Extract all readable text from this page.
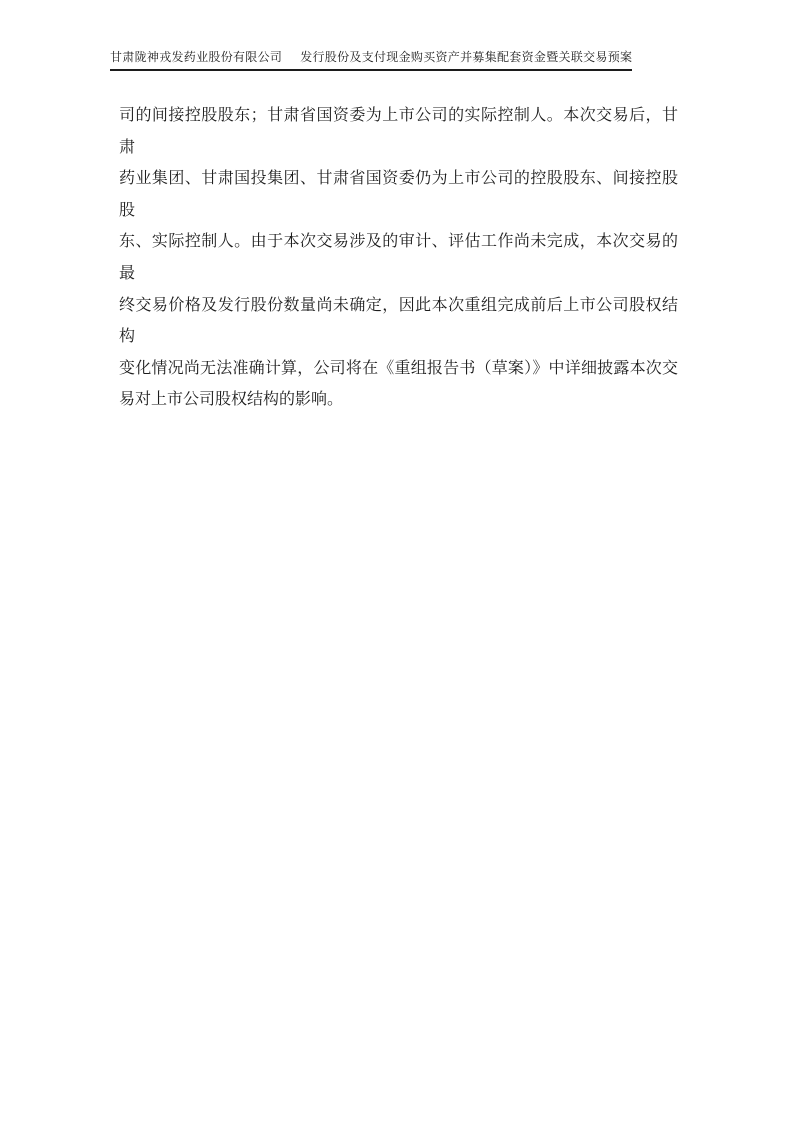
甘肃陇神戎发药业股份有限公司 发行股份及支付现金购买资产并募集配套资金暨关联交易预案
司的间接控股股东；甘肃省国资委为上市公司的实际控制人。本次交易后，甘肃
药业集团、甘肃国投集团、甘肃省国资委仍为上市公司的控股股东、间接控股股
东、实际控制人。由于本次交易涉及的审计、评估工作尚未完成，本次交易的最
终交易价格及发行股份数量尚未确定，因此本次重组完成前后上市公司股权结构
变化情况尚无法准确计算，公司将在《重组报告书（草案）》中详细披露本次交
易对上市公司股权结构的影响。
